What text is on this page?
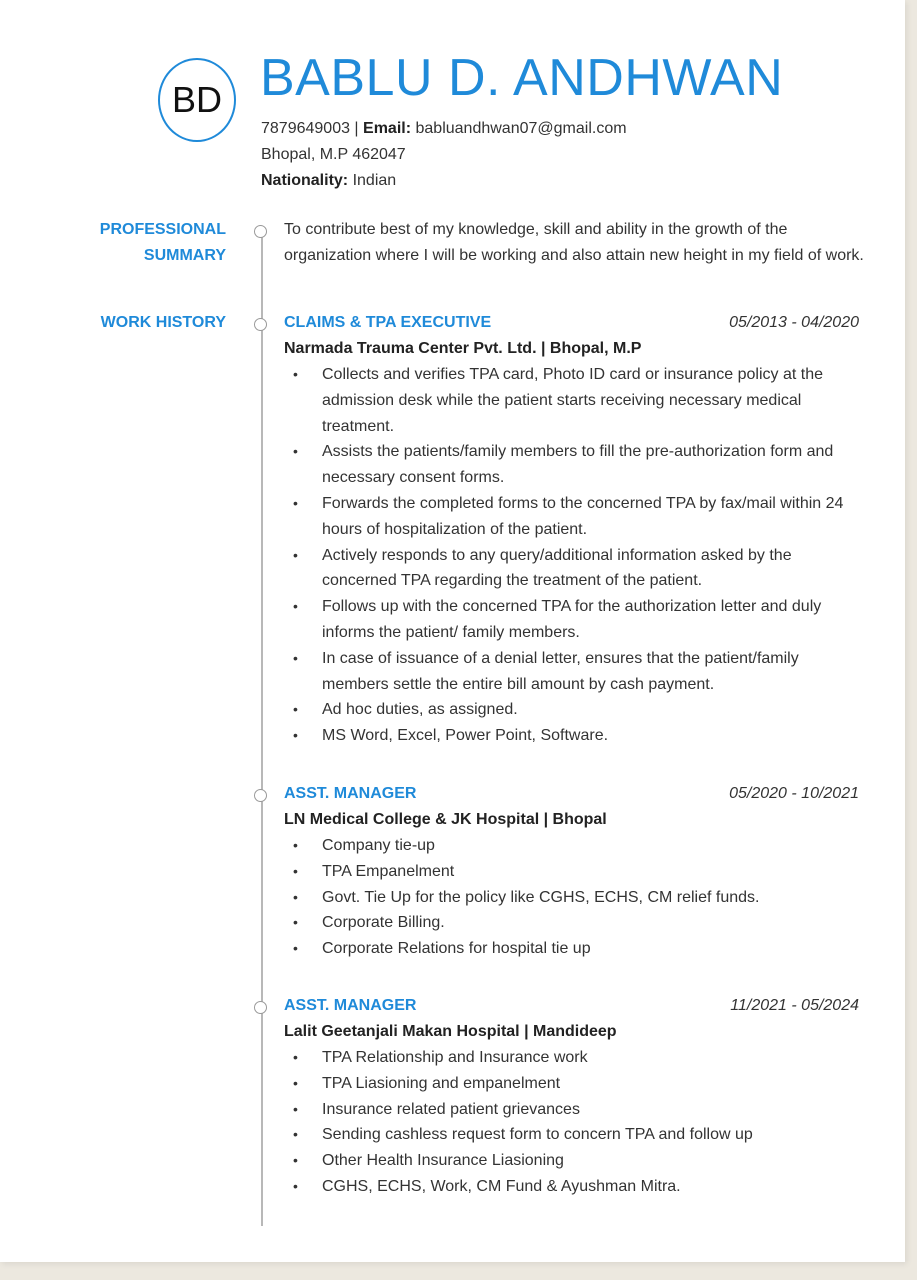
BD BABLU D. ANDHWAN
7879649003 | Email: babluandhwan07@gmail.com
Bhopal, M.P 462047
Nationality: Indian
PROFESSIONAL
SUMMARY
To contribute best of my knowledge, skill and ability in the growth of the organization where I will be working and also attain new height in my field of work.
WORK HISTORY	CLAIMS & TPA EXECUTIVE	05/2013 - 04/2020
Narmada Trauma Center Pvt. Ltd. | Bhopal, M.P
• Collects and verifies TPA card, Photo ID card or insurance policy at the admission desk while the patient starts receiving necessary medical treatment.
• Assists the patients/family members to fill the pre-authorization form and necessary consent forms.
• Forwards the completed forms to the concerned TPA by fax/mail within 24 hours of hospitalization of the patient.
• Actively responds to any query/additional information asked by the concerned TPA regarding the treatment of the patient.
• Follows up with the concerned TPA for the authorization letter and duly informs the patient/ family members.
• In case of issuance of a denial letter, ensures that the patient/family members settle the entire bill amount by cash payment.
• Ad hoc duties, as assigned.
• MS Word, Excel, Power Point, Software.
ASST. MANAGER	05/2020 - 10/2021
LN Medical College & JK Hospital | Bhopal
• Company tie-up
• TPA Empanelment
• Govt. Tie Up for the policy like CGHS, ECHS, CM relief funds.
• Corporate Billing.
• Corporate Relations for hospital tie up
ASST. MANAGER	11/2021 - 05/2024
Lalit Geetanjali Makan Hospital | Mandideep
• TPA Relationship and Insurance work
• TPA Liasioning and empanelment
• Insurance related patient grievances
• Sending cashless request form to concern TPA and follow up
• Other Health Insurance Liasioning
• CGHS, ECHS, Work, CM Fund & Ayushman Mitra.
